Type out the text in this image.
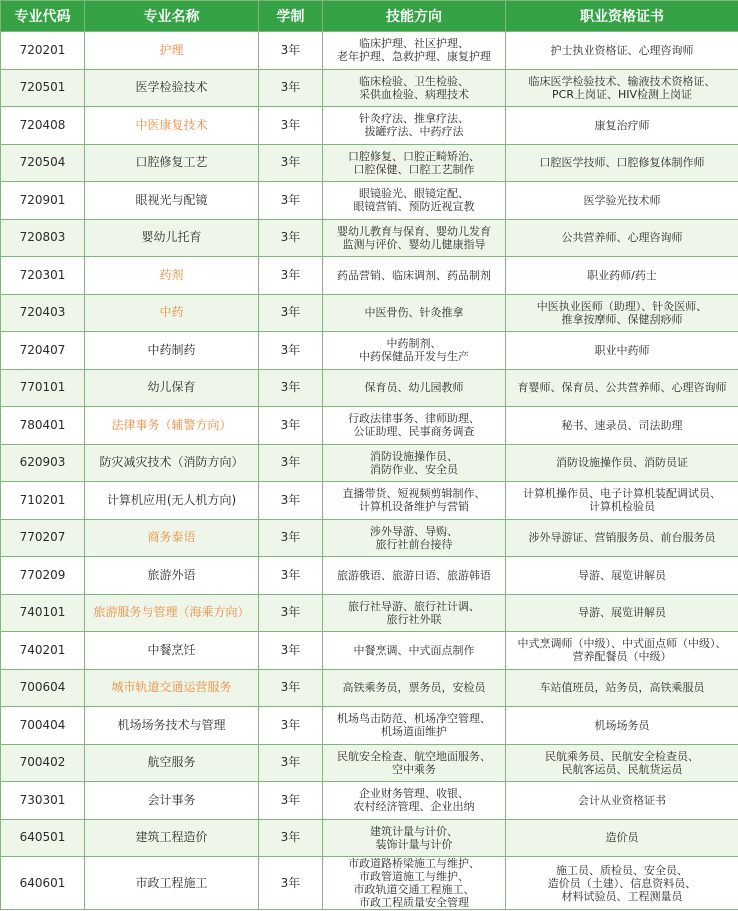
专业代码	专业名称	学制	技能方向	职业资格证书
720201	护理	3年	临床护理、社区护理、
老年护理、急救护理、康复护理	护士执业资格证、心理咨询师
720501	医学检验技术	3年	临床检验、卫生检验、
采供血检验、病理技术	临床医学检验技术、输液技术资格证、
PCR上岗证、HIV检测上岗证
720408	中医康复技术	3年	针灸疗法、推拿疗法、
拔罐疗法、中药疗法	康复治疗师
720504	口腔修复工艺	3年	口腔修复、口腔正畸矫治、
口腔保健、口腔工艺制作	口腔医学技师、口腔修复体制作师
720901	眼视光与配镜	3年	眼镜验光、眼镜定配、
眼镜营销、预防近视宣教	医学验光技术师
720803	婴幼儿托育	3年	婴幼儿教育与保育、婴幼儿发育
监测与评价、婴幼儿健康指导	公共营养师、心理咨询师
720301	药剂	3年	药品营销、临床调剂、药品制剂	职业药师/药士
720403	中药	3年	中医骨伤、针灸推拿	中医执业医师（助理）、针灸医师、
推拿按摩师、保健刮痧师
720407	中药制药	3年	中药制剂、
中药保健品开发与生产	职业中药师
770101	幼儿保育	3年	保育员、幼儿园教师	育婴师、保育员、公共营养师、心理咨询师
780401	法律事务（辅警方向）	3年	行政法律事务、律师助理、
公证助理、民事商务调查	秘书、速录员、司法助理
620903	防灾减灾技术（消防方向）	3年	消防设施操作员、
消防作业、安全员	消防设施操作员、消防员证
710201	计算机应用(无人机方向)	3年	直播带货、短视频剪辑制作、
计算机设备维护与营销	计算机操作员、电子计算机装配调试员、
计算机检验员
770207	商务泰语	3年	涉外导游、导购、
旅行社前台接待	涉外导游证、营销服务员、前台服务员
770209	旅游外语	3年	旅游俄语、旅游日语、旅游韩语	导游、展览讲解员
740101	旅游服务与管理（海乘方向）	3年	旅行社导游、旅行社计调、
旅行社外联	导游、展览讲解员
740201	中餐烹饪	3年	中餐烹调、中式面点制作	中式烹调师（中级）、中式面点师（中级）、
营养配餐员（中级）
700604	城市轨道交通运营服务	3年	高铁乘务员，票务员，安检员	车站值班员，站务员，高铁乘服员
700404	机场场务技术与管理	3年	机场鸟击防范、机场净空管理、
机场道面维护	机场场务员
700402	航空服务	3年	民航安全检查、航空地面服务、
空中乘务	民航乘务员、民航安全检查员、
民航客运员、民航货运员
730301	会计事务	3年	企业财务管理、收银、
农村经济管理、企业出纳	会计从业资格证书
640501	建筑工程造价	3年	建筑计量与计价、
装饰计量与计价	造价员
640601	市政工程施工	3年	市政道路桥梁施工与维护、
市政管道施工与维护、
市政轨道交通工程施工、
市政工程质量安全管理	施工员、质检员、安全员、
造价员（土建）、信息资料员、
材料试验员、工程测量员
